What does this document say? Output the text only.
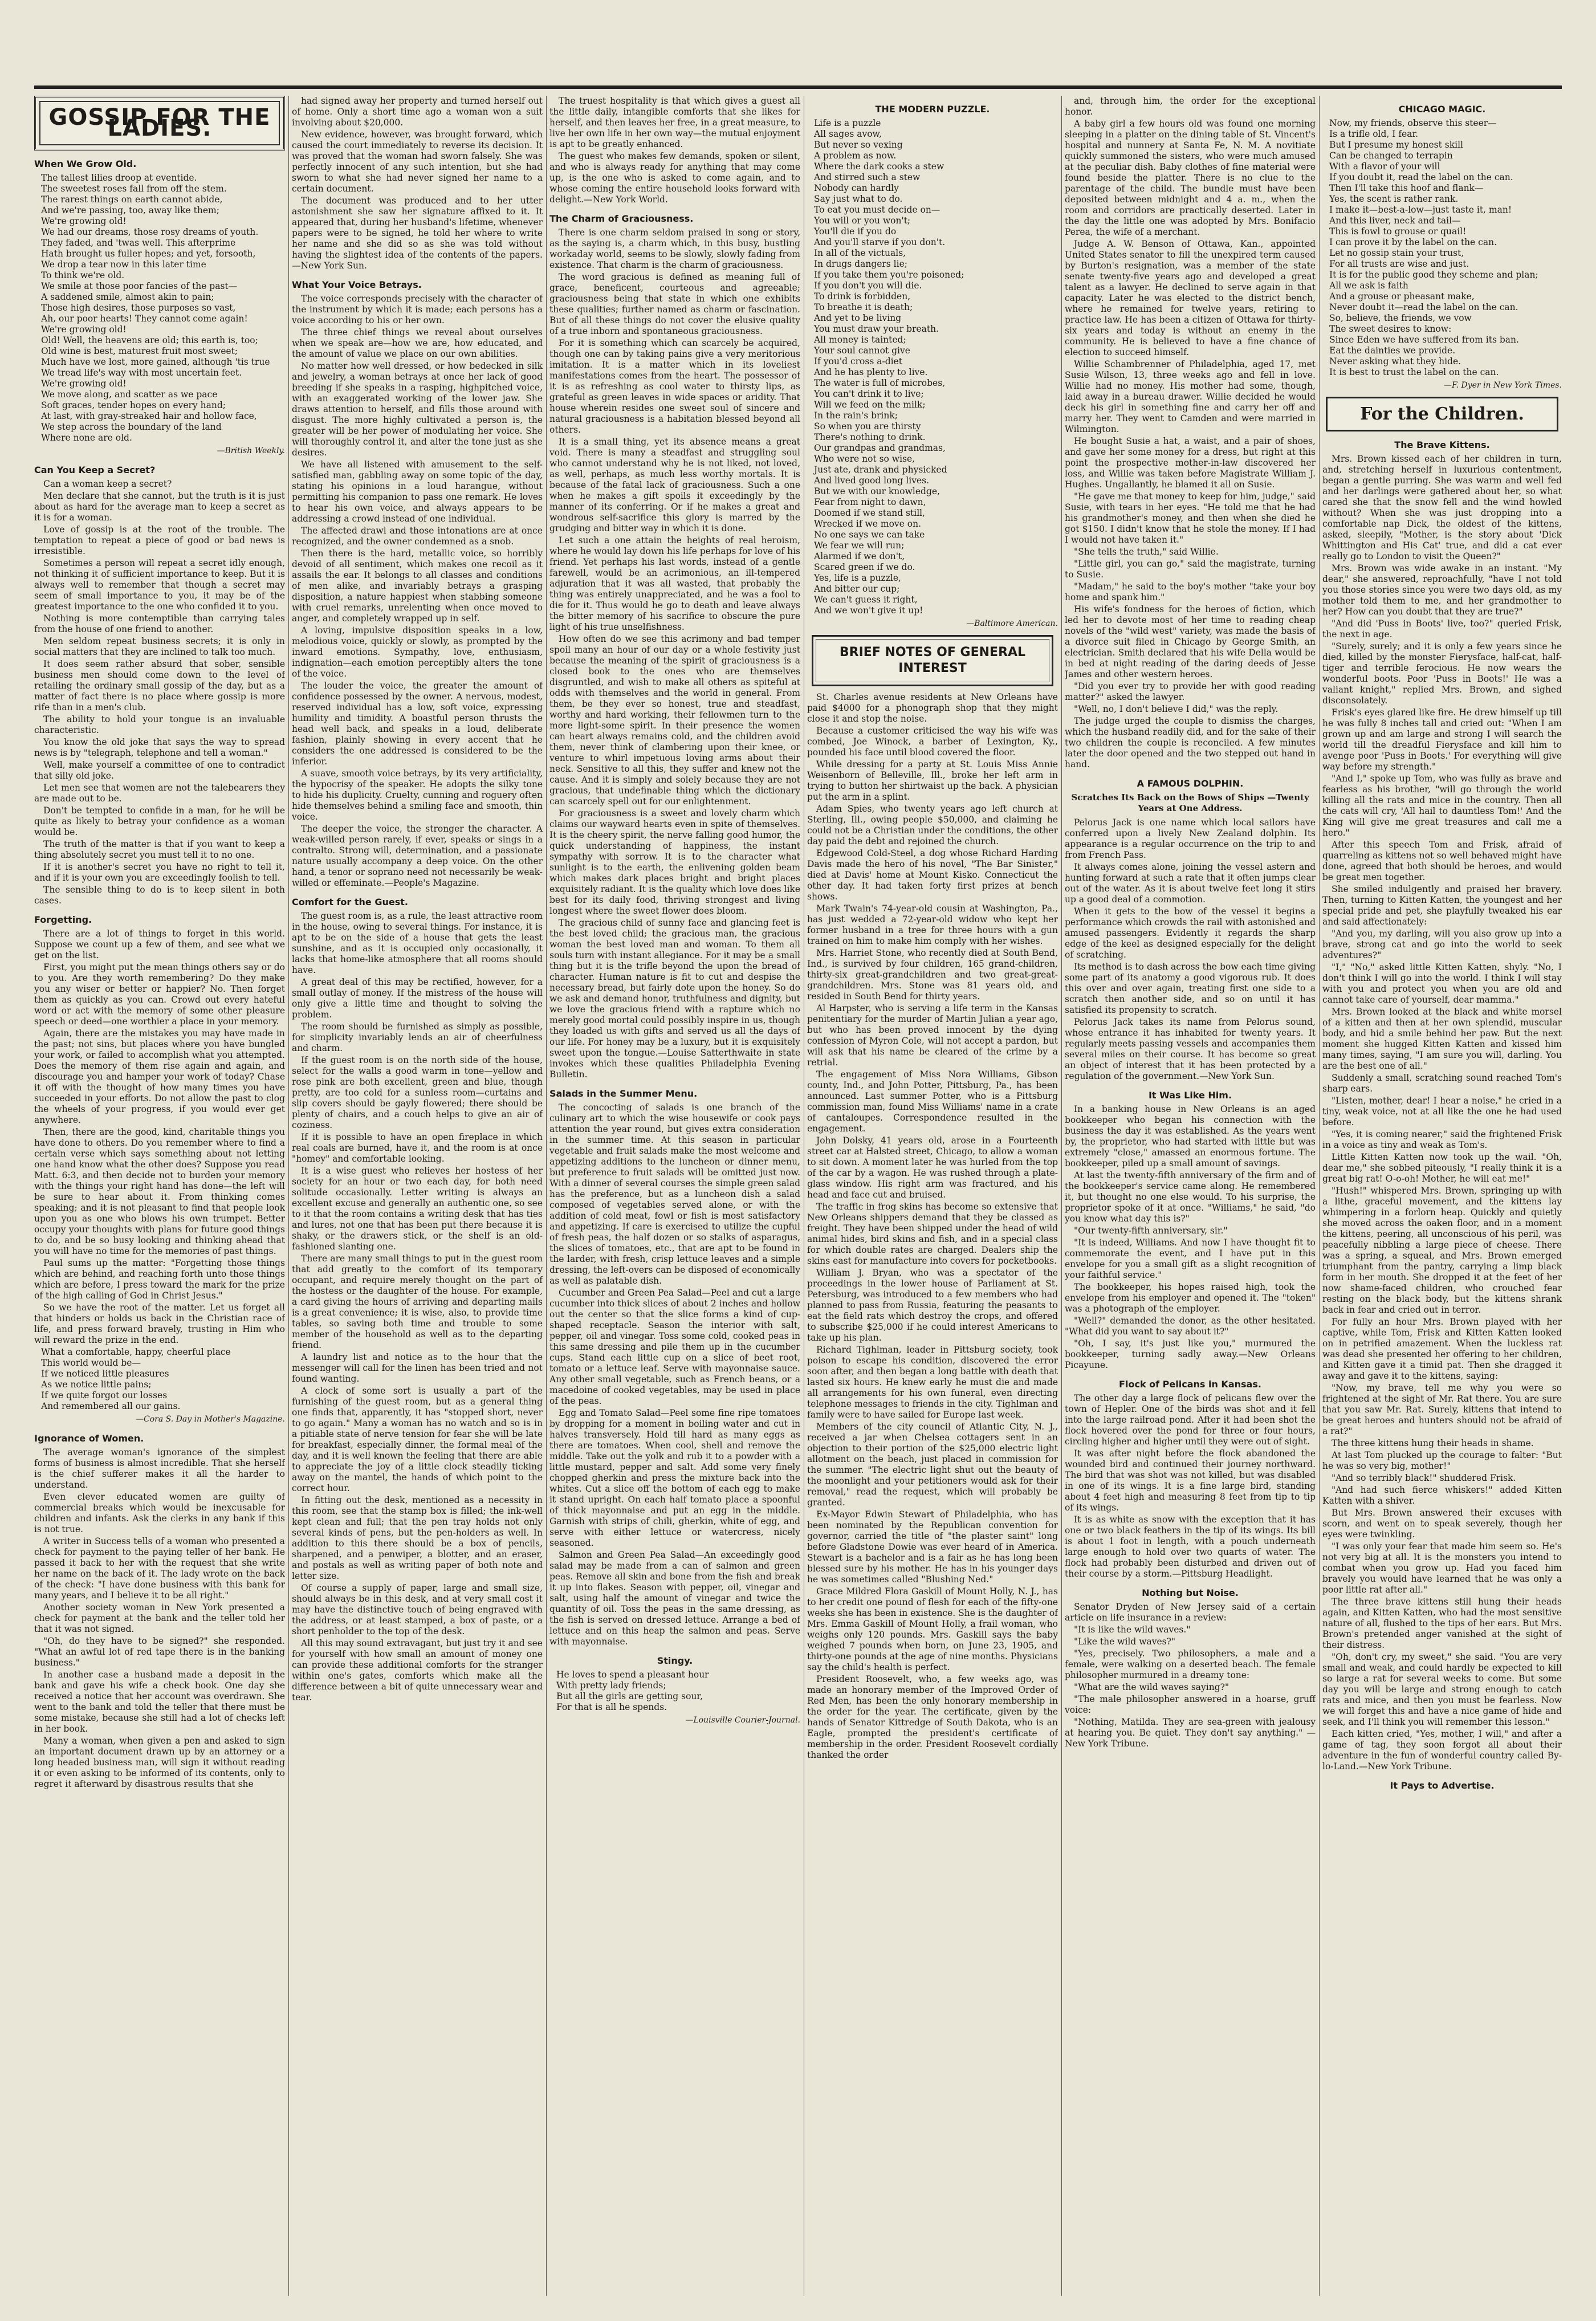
GOSSIP FOR THE LADIES.
When We Grow Old.

The tallest lilies droop at eventide.

The sweetest roses fall from off the stem.

The rarest things on earth cannot abide,

And we're passing, too, away like them;

We're growing old!

We had our dreams, those rosy dreams of youth.

They faded, and 'twas well. This afterprime

Hath brought us fuller hopes; and yet, forsooth,

We drop a tear now in this later time

To think we're old.

We smile at those poor fancies of the past—

A saddened smile, almost akin to pain;

Those high desires, those purposes so vast,

Ah, our poor hearts! They cannot come again!

We're growing old!

Old! Well, the heavens are old; this earth is, too;

Old wine is best, maturest fruit most sweet;

Much have we lost, more gained, although 'tis true

We tread life's way with most uncertain feet.

We're growing old!

We move along, and scatter as we pace

Soft graces, tender hopes on every hand;

At last, with gray-streaked hair and hollow face,

We step across the boundary of the land

Where none are old.

—British Weekly.
Can You Keep a Secret?

Can a woman keep a secret?

Men declare that she cannot, but the truth is it is just about as hard for the average man to keep a secret as it is for a woman.

Love of gossip is at the root of the trouble. The temptation to repeat a piece of good or bad news is irresistible.

Sometimes a person will repeat a secret idly enough, not thinking it of sufficient importance to keep. But it is always well to remember that though a secret may seem of small importance to you, it may be of the greatest importance to the one who confided it to you.

Nothing is more contemptible than carrying tales from the house of one friend to another.

Men seldom repeat business secrets; it is only in social matters that they are inclined to talk too much.

It does seem rather absurd that sober, sensible business men should come down to the level of retailing the ordinary small gossip of the day, but as a matter of fact there is no place where gossip is more rife than in a men's club.

The ability to hold your tongue is an invaluable characteristic.

You know the old joke that says the way to spread news is by "telegraph, telephone and tell a woman."

Well, make yourself a committee of one to contradict that silly old joke.

Let men see that women are not the talebearers they are made out to be.

Don't be tempted to confide in a man, for he will be quite as likely to betray your confidence as a woman would be.

The truth of the matter is that if you want to keep a thing absolutely secret you must tell it to no one.

If it is another's secret you have no right to tell it, and if it is your own you are exceedingly foolish to tell.

The sensible thing to do is to keep silent in both cases.

Forgetting.

There are a lot of things to forget in this world. Suppose we count up a few of them, and see what we get on the list.

First, you might put the mean things others say or do to you. Are they worth remembering? Do they make you any wiser or better or happier? No. Then forget them as quickly as you can. Crowd out every hateful word or act with the memory of some other pleasure speech or deed—one worthier a place in your memory.

Again, there are the mistakes you may have made in the past; not sins, but places where you have bungled your work, or failed to accomplish what you attempted. Does the memory of them rise again and again, and discourage you and hamper your work of today? Chase it off with the thought of how many times you have succeeded in your efforts. Do not allow the past to clog the wheels of your progress, if you would ever get anywhere.

Then, there are the good, kind, charitable things you have done to others. Do you remember where to find a certain verse which says something about not letting one hand know what the other does? Suppose you read Matt. 6:3, and then decide not to burden your memory with the things your right hand has done—the left will be sure to hear about it. From thinking comes speaking; and it is not pleasant to find that people look upon you as one who blows his own trumpet. Better occupy your thoughts with plans for future good things to do, and be so busy looking and thinking ahead that you will have no time for the memories of past things.

Paul sums up the matter: "Forgetting those things which are behind, and reaching forth unto those things which are before, I press toward the mark for the prize of the high calling of God in Christ Jesus."

So we have the root of the matter. Let us forget all that hinders or holds us back in the Christian race of life, and press forward bravely, trusting in Him who will reward the prize in the end.

What a comfortable, happy, cheerful place

This world would be—

If we noticed little pleasures

As we notice little pains;

If we quite forgot our losses

And remembered all our gains.

—Cora S. Day in Mother's Magazine.
Ignorance of Women.

The average woman's ignorance of the simplest forms of business is almost incredible. That she herself is the chief sufferer makes it all the harder to understand.

Even clever educated women are guilty of commercial breaks which would be inexcusable for children and infants. Ask the clerks in any bank if this is not true.

A writer in Success tells of a woman who presented a check for payment to the paying teller of her bank. He passed it back to her with the request that she write her name on the back of it. The lady wrote on the back of the check: "I have done business with this bank for many years, and I believe it to be all right."

Another society woman in New York presented a check for payment at the bank and the teller told her that it was not signed.

"Oh, do they have to be signed?" she responded. "What an awful lot of red tape there is in the banking business."

In another case a husband made a deposit in the bank and gave his wife a check book. One day she received a notice that her account was overdrawn. She went to the bank and told the teller that there must be some mistake, because she still had a lot of checks left in her book.

Many a woman, when given a pen and asked to sign an important document drawn up by an attorney or a long headed business man, will sign it without reading it or even asking to be informed of its contents, only to regret it afterward by disastrous results that she

had signed away her property and turned herself out of home. Only a short time ago a woman won a suit involving about $20,000.

New evidence, however, was brought forward, which caused the court immediately to reverse its decision. It was proved that the woman had sworn falsely. She was perfectly innocent of any such intention, but she had sworn to what she had never signed her name to a certain document.

The document was produced and to her utter astonishment she saw her signature affixed to it. It appeared that, during her husband's lifetime, whenever papers were to be signed, he told her where to write her name and she did so as she was told without having the slightest idea of the contents of the papers.—New York Sun.

What Your Voice Betrays.

The voice corresponds precisely with the character of the instrument by which it is made; each persons has a voice according to his or her own.

The three chief things we reveal about ourselves when we speak are—how we are, how educated, and the amount of value we place on our own abilities.

No matter how well dressed, or how bedecked in silk and jewelry, a woman betrays at once her lack of good breeding if she speaks in a rasping, highpitched voice, with an exaggerated working of the lower jaw. She draws attention to herself, and fills those around with disgust. The more highly cultivated a person is, the greater will be her power of modulating her voice. She will thoroughly control it, and alter the tone just as she desires.

We have all listened with amusement to the self-satisfied man, gabbling away on some topic of the day, stating his opinions in a loud harangue, without permitting his companion to pass one remark. He loves to hear his own voice, and always appears to be addressing a crowd instead of one individual.

The affected drawl and those intonations are at once recognized, and the owner condemned as a snob.

Then there is the hard, metallic voice, so horribly devoid of all sentiment, which makes one recoil as it assails the ear. It belongs to all classes and conditions of men alike, and invariably betrays a grasping disposition, a nature happiest when stabbing someone with cruel remarks, unrelenting when once moved to anger, and completely wrapped up in self.

A loving, impulsive disposition speaks in a low, melodious voice, quickly or slowly, as prompted by the inward emotions. Sympathy, love, enthusiasm, indignation—each emotion perceptibly alters the tone of the voice.

The louder the voice, the greater the amount of confidence possessed by the owner. A nervous, modest, reserved individual has a low, soft voice, expressing humility and timidity. A boastful person thrusts the head well back, and speaks in a loud, deliberate fashion, plainly showing in every accent that he considers the one addressed is considered to be the inferior.

A suave, smooth voice betrays, by its very artificiality, the hypocrisy of the speaker. He adopts the silky tone to hide his duplicity. Cruelty, cunning and roguery often hide themselves behind a smiling face and smooth, thin voice.

The deeper the voice, the stronger the character. A weak-willed person rarely, if ever, speaks or sings in a contralto. Strong will, determination, and a passionate nature usually accompany a deep voice. On the other hand, a tenor or soprano need not necessarily be weak-willed or effeminate.—People's Magazine.

Comfort for the Guest.

The guest room is, as a rule, the least attractive room in the house, owing to several things. For instance, it is apt to be on the side of a house that gets the least sunshine, and as it is occupied only occasionally, it lacks that home-like atmosphere that all rooms should have.

A great deal of this may be rectified, however, for a small outlay of money. If the mistress of the house will only give a little time and thought to solving the problem.

The room should be furnished as simply as possible, for simplicity invariably lends an air of cheerfulness and charm.

If the guest room is on the north side of the house, select for the walls a good warm in tone—yellow and rose pink are both excellent, green and blue, though pretty, are too cold for a sunless room—curtains and slip covers should be gayly flowered; there should be plenty of chairs, and a couch helps to give an air of coziness.

If it is possible to have an open fireplace in which real coals are burned, have it, and the room is at once "homey" and comfortable looking.

It is a wise guest who relieves her hostess of her society for an hour or two each day, for both need solitude occasionally. Letter writing is always an excellent excuse and generally an authentic one, so see to it that the room contains a writing desk that has ties and lures, not one that has been put there because it is shaky, or the drawers stick, or the shelf is an old-fashioned slanting one.

There are many small things to put in the guest room that add greatly to the comfort of its temporary occupant, and require merely thought on the part of the hostess or the daughter of the house. For example, a card giving the hours of arriving and departing mails is a great convenience; it is wise, also, to provide time tables, so saving both time and trouble to some member of the household as well as to the departing friend.

A laundry list and notice as to the hour that the messenger will call for the linen has been tried and not found wanting.

A clock of some sort is usually a part of the furnishing of the guest room, but as a general thing one finds that, apparently, it has "stopped short, never to go again." Many a woman has no watch and so is in a pitiable state of nerve tension for fear she will be late for breakfast, especially dinner, the formal meal of the day, and it is well known the feeling that there are able to appreciate the joy of a little clock steadily ticking away on the mantel, the hands of which point to the correct hour.

In fitting out the desk, mentioned as a necessity in this room, see that the stamp box is filled; the ink-well kept clean and full; that the pen tray holds not only several kinds of pens, but the pen-holders as well. In addition to this there should be a box of pencils, sharpened, and a penwiper, a blotter, and an eraser, and postals as well as writing paper of both note and letter size.

Of course a supply of paper, large and small size, should always be in this desk, and at very small cost it may have the distinctive touch of being engraved with the address, or at least stamped, a box of paste, or a short penholder to the top of the desk.

All this may sound extravagant, but just try it and see for yourself with how small an amount of money one can provide these additional comforts for the stranger within one's gates, comforts which make all the difference between a bit of quite unnecessary wear and tear.

The truest hospitality is that which gives a guest all the little daily, intangible comforts that she likes for herself, and then leaves her free, in a great measure, to live her own life in her own way—the mutual enjoyment is apt to be greatly enhanced.

The guest who makes few demands, spoken or silent, and who is always ready for anything that may come up, is the one who is asked to come again, and to whose coming the entire household looks forward with delight.—New York World.

The Charm of Graciousness.

There is one charm seldom praised in song or story, as the saying is, a charm which, in this busy, bustling workaday world, seems to be slowly, slowly fading from existence. That charm is the charm of graciousness.

The word gracious is defined as meaning full of grace, beneficent, courteous and agreeable; graciousness being that state in which one exhibits these qualities; further named as charm or fascination. But of all these things do not cover the elusive quality of a true inborn and spontaneous graciousness.

For it is something which can scarcely be acquired, though one can by taking pains give a very meritorious imitation. It is a matter which in its loveliest manifestations comes from the heart. The possessor of it is as refreshing as cool water to thirsty lips, as grateful as green leaves in wide spaces or aridity. That house wherein resides one sweet soul of sincere and natural graciousness is a habitation blessed beyond all others.

It is a small thing, yet its absence means a great void. There is many a steadfast and struggling soul who cannot understand why he is not liked, not loved, as well, perhaps, as much less worthy mortals. It is because of the fatal lack of graciousness. Such a one when he makes a gift spoils it exceedingly by the manner of its conferring. Or if he makes a great and wondrous self-sacrifice this glory is marred by the grudging and bitter way in which it is done.

Let such a one attain the heights of real heroism, where he would lay down his life perhaps for love of his friend. Yet perhaps his last words, instead of a gentle farewell, would be an acrimonious, an ill-tempered adjuration that it was all wasted, that probably the thing was entirely unappreciated, and he was a fool to die for it. Thus would he go to death and leave always the bitter memory of his sacrifice to obscure the pure light of his true unselfishness.

How often do we see this acrimony and bad temper spoil many an hour of our day or a whole festivity just because the meaning of the spirit of graciousness is a closed book to the ones who are themselves disgruntled, and wish to make all others as spiteful at odds with themselves and the world in general. From them, be they ever so honest, true and steadfast, worthy and hard working, their fellowmen turn to the more light-some spirit. In their presence the women can heart always remains cold, and the children avoid them, never think of clambering upon their knee, or venture to whirl impetuous loving arms about their neck. Sensitive to all this, they suffer and knew not the cause. And it is simply and solely because they are not gracious, that undefinable thing which the dictionary can scarcely spell out for our enlightenment.

For graciousness is a sweet and lovely charm which claims our wayward hearts even in spite of themselves. It is the cheery spirit, the nerve falling good humor, the quick understanding of happiness, the instant sympathy with sorrow. It is to the character what sunlight is to the earth, the enlivening golden beam which makes dark places bright and bright places exquisitely radiant. It is the quality which love does like best for its daily food, thriving strongest and living longest where the sweet flower does bloom.

The gracious child of sunny face and glancing feet is the best loved child; the gracious man, the gracious woman the best loved man and woman. To them all souls turn with instant allegiance. For it may be a small thing but it is the trifle beyond the upon the bread of character. Human nature is fit to cut and despise the necessary bread, but fairly dote upon the honey. So do we ask and demand honor, truthfulness and dignity, but we love the gracious friend with a rapture which no merely good mortal could possibly inspire in us, though they loaded us with gifts and served us all the days of our life. For honey may be a luxury, but it is exquisitely sweet upon the tongue.—Louise Satterthwaite in state invokes which these qualities Philadelphia Evening Bulletin.

Salads in the Summer Menu.

The concocting of salads is one branch of the culinary art to which the wise housewife or cook pays attention the year round, but gives extra consideration in the summer time. At this season in particular vegetable and fruit salads make the most welcome and appetizing additions to the luncheon or dinner menu, but preference to fruit salads will be omitted just now. With a dinner of several courses the simple green salad has the preference, but as a luncheon dish a salad composed of vegetables served alone, or with the addition of cold meat, fowl or fish is most satisfactory and appetizing. If care is exercised to utilize the cupful of fresh peas, the half dozen or so stalks of asparagus, the slices of tomatoes, etc., that are apt to be found in the larder, with fresh, crisp lettuce leaves and a simple dressing, the left-overs can be disposed of economically as well as palatable dish.

Cucumber and Green Pea Salad—Peel and cut a large cucumber into thick slices of about 2 inches and hollow out the center so that the slice forms a kind of cup-shaped receptacle. Season the interior with salt, pepper, oil and vinegar. Toss some cold, cooked peas in this same dressing and pile them up in the cucumber cups. Stand each little cup on a slice of beet root, tomato or a lettuce leaf. Serve with mayonnaise sauce. Any other small vegetable, such as French beans, or a macedoine of cooked vegetables, may be used in place of the peas.

Egg and Tomato Salad—Peel some fine ripe tomatoes by dropping for a moment in boiling water and cut in halves transversely. Hold till hard as many eggs as there are tomatoes. When cool, shell and remove the middle. Take out the yolk and rub it to a powder with a little mustard, pepper and salt. Add some very finely chopped gherkin and press the mixture back into the whites. Cut a slice off the bottom of each egg to make it stand upright. On each half tomato place a spoonful of thick mayonnaise and put an egg in the middle. Garnish with strips of chili, gherkin, white of egg, and serve with either lettuce or watercress, nicely seasoned.

Salmon and Green Pea Salad—An exceedingly good salad may be made from a can of salmon and green peas. Remove all skin and bone from the fish and break it up into flakes. Season with pepper, oil, vinegar and salt, using half the amount of vinegar and twice the quantity of oil. Toss the peas in the same dressing, as the fish is served on dressed lettuce. Arrange a bed of lettuce and on this heap the salmon and peas. Serve with mayonnaise.

Stingy.

He loves to spend a pleasant hour

With pretty lady friends;

But all the girls are getting sour,

For that is all he spends.

—Louisville Courier-Journal.
THE MODERN PUZZLE.

Life is a puzzle

All sages avow,

But never so vexing

A problem as now.

Where the dark cooks a stew

And stirred such a stew

Nobody can hardly

Say just what to do.

To eat you must decide on—

You will or you won't;

You'll die if you do

And you'll starve if you don't.

In all of the victuals,

In drugs dangers lie;

If you take them you're poisoned;

If you don't you will die.

To drink is forbidden,

To breathe it is death;

And yet to be living

You must draw your breath.

All money is tainted;

Your soul cannot give

If you'd cross a-diet

And he has plenty to live.

The water is full of microbes,

You can't drink it to live;

Will we feed on the milk;

In the rain's brink;

So when you are thirsty

There's nothing to drink.

Our grandpas and grandmas,

Who were not so wise,

Just ate, drank and physicked

And lived good long lives.

But we with our knowledge,

Fear from night to dawn,

Doomed if we stand still,

Wrecked if we move on.

No one says we can take

We fear we will run;

Alarmed if we don't,

Scared green if we do.

Yes, life is a puzzle,

And bitter our cup;

We can't guess it right,

And we won't give it up!

—Baltimore American.
BRIEF NOTES OF GENERAL INTEREST

St. Charles avenue residents at New Orleans have paid $4000 for a phonograph shop that they might close it and stop the noise.

Because a customer criticised the way his wife was combed, Joe Winock, a barber of Lexington, Ky., pounded his face until blood covered the floor.

While dressing for a party at St. Louis Miss Annie Weisenborn of Belleville, Ill., broke her left arm in trying to button her shirtwaist up the back. A physician put the arm in a splint.

Adam Spies, who twenty years ago left church at Sterling, Ill., owing people $50,000, and claiming he could not be a Christian under the conditions, the other day paid the debt and rejoined the church.

Edgewood Cold-Steel, a dog whose Richard Harding Davis made the hero of his novel, "The Bar Sinister," died at Davis' home at Mount Kisko. Connecticut the other day. It had taken forty first prizes at bench shows.

Mark Twain's 74-year-old cousin at Washington, Pa., has just wedded a 72-year-old widow who kept her former husband in a tree for three hours with a gun trained on him to make him comply with her wishes.

Mrs. Harriet Stone, who recently died at South Bend, Ind., is survived by four children, 165 grand-children, thirty-six great-grandchildren and two great-great-grandchildren. Mrs. Stone was 81 years old, and resided in South Bend for thirty years.

Al Harpster, who is serving a life term in the Kansas penitentiary for the murder of Martin Julian a year ago, but who has been proved innocent by the dying confession of Myron Cole, will not accept a pardon, but will ask that his name be cleared of the crime by a retrial.

The engagement of Miss Nora Williams, Gibson county, Ind., and John Potter, Pittsburg, Pa., has been announced. Last summer Potter, who is a Pittsburg commission man, found Miss Williams' name in a crate of cantaloupes. Correspondence resulted in the engagement.

John Dolsky, 41 years old, arose in a Fourteenth street car at Halsted street, Chicago, to allow a woman to sit down. A moment later he was hurled from the top of the car by a wagon. He was rushed through a plate-glass window. His right arm was fractured, and his head and face cut and bruised.

The traffic in frog skins has become so extensive that New Orleans shippers demand that they be classed as freight. They have been shipped under the head of wild animal hides, bird skins and fish, and in a special class for which double rates are charged. Dealers ship the skins east for manufacture into covers for pocketbooks.

William J. Bryan, who was a spectator of the proceedings in the lower house of Parliament at St. Petersburg, was introduced to a few members who had planned to pass from Russia, featuring the peasants to eat the field rats which destroy the crops, and offered to subscribe $25,000 if he could interest Americans to take up his plan.

Richard Tighlman, leader in Pittsburg society, took poison to escape his condition, discovered the error soon after, and then began a long battle with death that lasted six hours. He knew early he must die and made all arrangements for his own funeral, even directing telephone messages to friends in the city. Tighlman and family were to have sailed for Europe last week.

Members of the city council of Atlantic City, N. J., received a jar when Chelsea cottagers sent in an objection to their portion of the $25,000 electric light allotment on the beach, just placed in commission for the summer. "The electric light shut out the beauty of the moonlight and your petitioners would ask for their removal," read the request, which will probably be granted.

Ex-Mayor Edwin Stewart of Philadelphia, who has been nominated by the Republican convention for governor, carried the title of "the plaster saint" long before Gladstone Dowie was ever heard of in America. Stewart is a bachelor and is a fair as he has long been blessed sure by his mother. He has in his younger days he was sometimes called "Blushing Ned."

Grace Mildred Flora Gaskill of Mount Holly, N. J., has to her credit one pound of flesh for each of the fifty-one weeks she has been in existence. She is the daughter of Mrs. Emma Gaskill of Mount Holly, a frail woman, who weighs only 120 pounds. Mrs. Gaskill says the baby weighed 7 pounds when born, on June 23, 1905, and thirty-one pounds at the age of nine months. Physicians say the child's health is perfect.

President Roosevelt, who, a few weeks ago, was made an honorary member of the Improved Order of Red Men, has been the only honorary membership in the order for the year. The certificate, given by the hands of Senator Kittredge of South Dakota, who is an Eagle, prompted the president's certificate of membership in the order. President Roosevelt cordially thanked the order

and, through him, the order for the exceptional honor.

A baby girl a few hours old was found one morning sleeping in a platter on the dining table of St. Vincent's hospital and nunnery at Santa Fe, N. M. A novitiate quickly summoned the sisters, who were much amused at the peculiar dish. Baby clothes of fine material were found beside the platter. There is no clue to the parentage of the child. The bundle must have been deposited between midnight and 4 a. m., when the room and corridors are practically deserted. Later in the day the little one was adopted by Mrs. Bonifacio Perea, the wife of a merchant.

Judge A. W. Benson of Ottawa, Kan., appointed United States senator to fill the unexpired term caused by Burton's resignation, was a member of the state senate twenty-five years ago and developed a great talent as a lawyer. He declined to serve again in that capacity. Later he was elected to the district bench, where he remained for twelve years, retiring to practice law. He has been a citizen of Ottawa for thirty-six years and today is without an enemy in the community. He is believed to have a fine chance of election to succeed himself.

Willie Schambrenner of Philadelphia, aged 17, met Susie Wilson, 13, three weeks ago and fell in love. Willie had no money. His mother had some, though, laid away in a bureau drawer. Willie decided he would deck his girl in something fine and carry her off and marry her. They went to Camden and were married in Wilmington.

He bought Susie a hat, a waist, and a pair of shoes, and gave her some money for a dress, but right at this point the prospective mother-in-law discovered her loss, and Willie was taken before Magistrate William J. Hughes. Ungallantly, he blamed it all on Susie.

"He gave me that money to keep for him, judge," said Susie, with tears in her eyes. "He told me that he had his grandmother's money, and then when she died he got $150. I didn't know that he stole the money. If I had I would not have taken it."

"She tells the truth," said Willie.

"Little girl, you can go," said the magistrate, turning to Susie.

"Madam," he said to the boy's mother "take your boy home and spank him."

His wife's fondness for the heroes of fiction, which led her to devote most of her time to reading cheap novels of the "wild west" variety, was made the basis of a divorce suit filed in Chicago by George Smith, an electrician. Smith declared that his wife Della would be in bed at night reading of the daring deeds of Jesse James and other western heroes.

"Did you ever try to provide her with good reading matter?" asked the lawyer.

"Well, no, I don't believe I did," was the reply.

The judge urged the couple to dismiss the charges, which the husband readily did, and for the sake of their two children the couple is reconciled. A few minutes later the door opened and the two stepped out hand in hand.

A FAMOUS DOLPHIN.
Scratches Its Back on the Bows of Ships —Twenty Years at One Address.

Pelorus Jack is one name which local sailors have conferred upon a lively New Zealand dolphin. Its appearance is a regular occurrence on the trip to and from French Pass.

It always comes alone, joining the vessel astern and hunting forward at such a rate that it often jumps clear out of the water. As it is about twelve feet long it stirs up a good deal of a commotion.

When it gets to the bow of the vessel it begins a performance which crowds the rail with astonished and amused passengers. Evidently it regards the sharp edge of the keel as designed especially for the delight of scratching.

Its method is to dash across the bow each time giving some part of its anatomy a good vigorous rub. It does this over and over again, treating first one side to a scratch then another side, and so on until it has satisfied its propensity to scratch.

Pelorus Jack takes its name from Pelorus sound, whose entrance it has inhabited for twenty years. It regularly meets passing vessels and accompanies them several miles on their course. It has become so great an object of interest that it has been protected by a regulation of the government.—New York Sun.

It Was Like Him.

In a banking house in New Orleans is an aged bookkeeper who began his connection with the business the day it was established. As the years went by, the proprietor, who had started with little but was extremely "close," amassed an enormous fortune. The bookkeeper, piled up a small amount of savings.

At last the twenty-fifth anniversary of the firm and of the bookkeeper's service came along. He remembered it, but thought no one else would. To his surprise, the proprietor spoke of it at once. "Williams," he said, "do you know what day this is?"

"Our twenty-fifth anniversary, sir."

"It is indeed, Williams. And now I have thought fit to commemorate the event, and I have put in this envelope for you a small gift as a slight recognition of your faithful service."

The bookkeeper, his hopes raised high, took the envelope from his employer and opened it. The "token" was a photograph of the employer.

"Well?" demanded the donor, as the other hesitated. "What did you want to say about it?"

"Oh, I say, it's just like you," murmured the bookkeeper, turning sadly away.—New Orleans Picayune.

Flock of Pelicans in Kansas.

The other day a large flock of pelicans flew over the town of Hepler. One of the birds was shot and it fell into the large railroad pond. After it had been shot the flock hovered over the pond for three or four hours, circling higher and higher until they were out of sight.

It was after night before the flock abandoned the wounded bird and continued their journey northward. The bird that was shot was not killed, but was disabled in one of its wings. It is a fine large bird, standing about 4 feet high and measuring 8 feet from tip to tip of its wings.

It is as white as snow with the exception that it has one or two black feathers in the tip of its wings. Its bill is about 1 foot in length, with a pouch underneath large enough to hold over two quarts of water. The flock had probably been disturbed and driven out of their course by a storm.—Pittsburg Headlight.

Nothing but Noise.

Senator Dryden of New Jersey said of a certain article on life insurance in a review:

"It is like the wild waves."

"Like the wild waves?"

"Yes, precisely. Two philosophers, a male and a female, were walking on a deserted beach. The female philosopher murmured in a dreamy tone:

"What are the wild waves saying?"

"The male philosopher answered in a hoarse, gruff voice:

"Nothing, Matilda. They are sea-green with jealousy at hearing you. Be quiet. They don't say anything." —New York Tribune.

CHICAGO MAGIC.

Now, my friends, observe this steer—

Is a trifle old, I fear.

But I presume my honest skill

Can be changed to terrapin

With a flavor of your will

If you doubt it, read the label on the can.

Then I'll take this hoof and flank—

Yes, the scent is rather rank.

I make it—best-a-low—just taste it, man!

And this liver, neck and tail—

This is fowl to grouse or quail!

I can prove it by the label on the can.

Let no gossip stain your trust,

For all trusts are wise and just.

It is for the public good they scheme and plan;

All we ask is faith

And a grouse or pheasant make,

Never doubt it—read the label on the can.

So, believe, the friends, we vow

The sweet desires to know:

Since Eden we have suffered from its ban.

Eat the dainties we provide.

Never asking what they hide.

It is best to trust the label on the can.

—F. Dyer in New York Times.
For the Children.
The Brave Kittens.

Mrs. Brown kissed each of her children in turn, and, stretching herself in luxurious contentment, began a gentle purring. She was warm and well fed and her darlings were gathered about her, so what cared she that the snow fell and the wind howled without? When she was just dropping into a comfortable nap Dick, the oldest of the kittens, asked, sleepily, "Mother, is the story about 'Dick Whittington and His Cat' true, and did a cat ever really go to London to visit the Queen?"

Mrs. Brown was wide awake in an instant. "My dear," she answered, reproachfully, "have I not told you those stories since you were two days old, as my mother told them to me, and her grandmother to her? How can you doubt that they are true?"

"And did 'Puss in Boots' live, too?" queried Frisk, the next in age.

"Surely, surely; and it is only a few years since he died, killed by the monster Fierysface, half-cat, half-tiger and terrible ferocious. He now wears the wonderful boots. Poor 'Puss in Boots!' He was a valiant knight," replied Mrs. Brown, and sighed disconsolately.

Frisk's eyes glared like fire. He drew himself up till he was fully 8 inches tall and cried out: "When I am grown up and am large and strong I will search the world till the dreadful Fierysface and kill him to avenge poor 'Puss in Boots.' For everything will give way before my strength."

"And I," spoke up Tom, who was fully as brave and fearless as his brother, "will go through the world killing all the rats and mice in the country. Then all the cats will cry, 'All hail to dauntless Tom!' And the King will give me great treasures and call me a hero."

After this speech Tom and Frisk, afraid of quarreling as kittens not so well behaved might have done, agreed that both should be heroes, and would be great men together.

She smiled indulgently and praised her bravery. Then, turning to Kitten Katten, the youngest and her special pride and pet, she playfully tweaked his ear and said affectionately:

"And you, my darling, will you also grow up into a brave, strong cat and go into the world to seek adventures?"

"I," "No," asked little Kitten Katten, shyly. "No, I don't think I will go into the world. I think I will stay with you and protect you when you are old and cannot take care of yourself, dear mamma."

Mrs. Brown looked at the black and white morsel of a kitten and then at her own splendid, muscular body, and hid a smile behind her paw. But the next moment she hugged Kitten Katten and kissed him many times, saying, "I am sure you will, darling. You are the best one of all."

Suddenly a small, scratching sound reached Tom's sharp ears.

"Listen, mother, dear! I hear a noise," he cried in a tiny, weak voice, not at all like the one he had used before.

"Yes, it is coming nearer," said the frightened Frisk in a voice as tiny and weak as Tom's.

Little Kitten Katten now took up the wail. "Oh, dear me," she sobbed piteously, "I really think it is a great big rat! O-o-oh! Mother, he will eat me!"

"Hush!" whispered Mrs. Brown, springing up with a lithe, graceful movement, and the kittens lay whimpering in a forlorn heap. Quickly and quietly she moved across the oaken floor, and in a moment the kittens, peering, all unconscious of his peril, was peacefully nibbling a large piece of cheese. There was a spring, a squeal, and Mrs. Brown emerged triumphant from the pantry, carrying a limp black form in her mouth. She dropped it at the feet of her now shame-faced children, who crouched fear resting on the black body, but the kittens shrank back in fear and cried out in terror.

For fully an hour Mrs. Brown played with her captive, while Tom, Frisk and Kitten Katten looked on in petrified amazement. When the luckless rat was dead she presented her offering to her children, and Kitten gave it a timid pat. Then she dragged it away and gave it to the kittens, saying:

"Now, my brave, tell me why you were so frightened at the sight of Mr. Rat there. You are sure that you saw Mr. Rat. Surely, kittens that intend to be great heroes and hunters should not be afraid of a rat?"

The three kittens hung their heads in shame.

At last Tom plucked up the courage to falter: "But he was so very big, mother!"

"And so terribly black!" shuddered Frisk.

"And had such fierce whiskers!" added Kitten Katten with a shiver.

But Mrs. Brown answered their excuses with scorn, and went on to speak severely, though her eyes were twinkling.

"I was only your fear that made him seem so. He's not very big at all. It is the monsters you intend to combat when you grow up. Had you faced him bravely you would have learned that he was only a poor little rat after all."

The three brave kittens still hung their heads again, and Kitten Katten, who had the most sensitive nature of all, flushed to the tips of her ears. But Mrs. Brown's pretended anger vanished at the sight of their distress.

"Oh, don't cry, my sweet," she said. "You are very small and weak, and could hardly be expected to kill so large a rat for several weeks to come. But some day you will be large and strong enough to catch rats and mice, and then you must be fearless. Now we will forget this and have a nice game of hide and seek, and I'll think you will remember this lesson."

Each kitten cried, "Yes, mother, I will," and after a game of tag, they soon forgot all about their adventure in the fun of wonderful country called By-lo-Land.—New York Tribune.

It Pays to Advertise.
